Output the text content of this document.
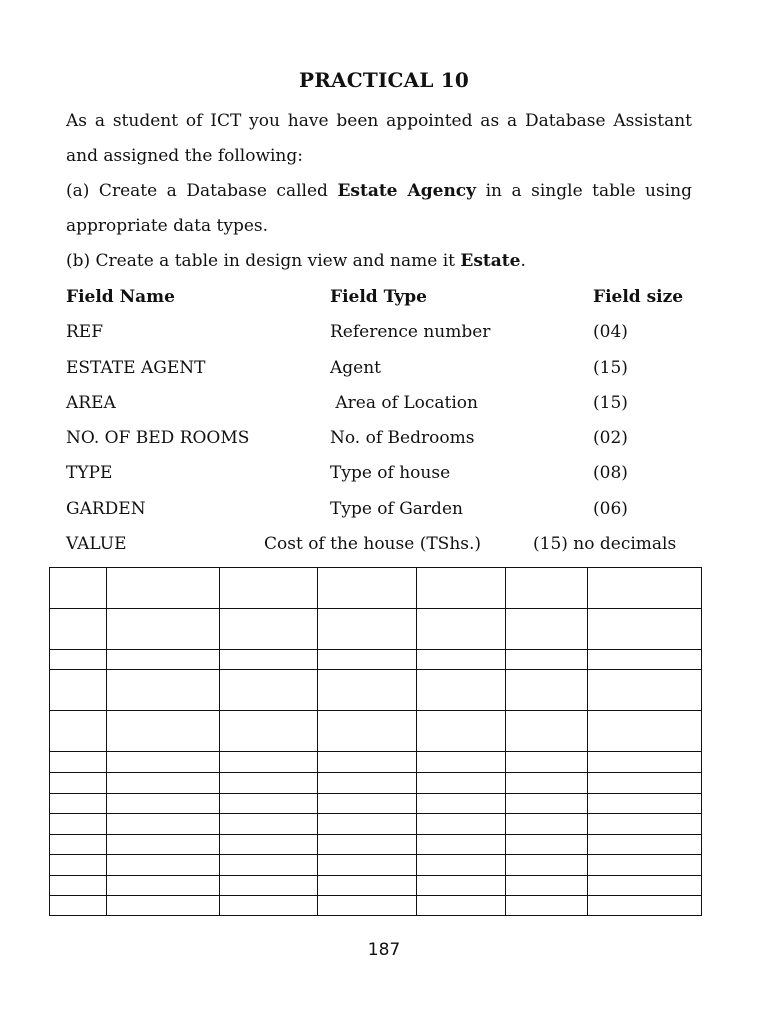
PRACTICAL 10
As a student of ICT you have been appointed as a Database Assistant
and assigned the following:
(a) Create a Database called Estate Agency in a single table using
appropriate data types.
(b) Create a table in design view and name it Estate.
Field Name	Field Type	Field size
REF	Reference number	(04)
ESTATE AGENT	Agent	(15)
AREA	Area of Location	(15)
NO. OF BED ROOMS	No. of Bedrooms	(02)
TYPE	Type of house	(08)
GARDEN	Type of Garden	(06)
VALUE	Cost of the house (TShs.)	(15) no decimals

187
